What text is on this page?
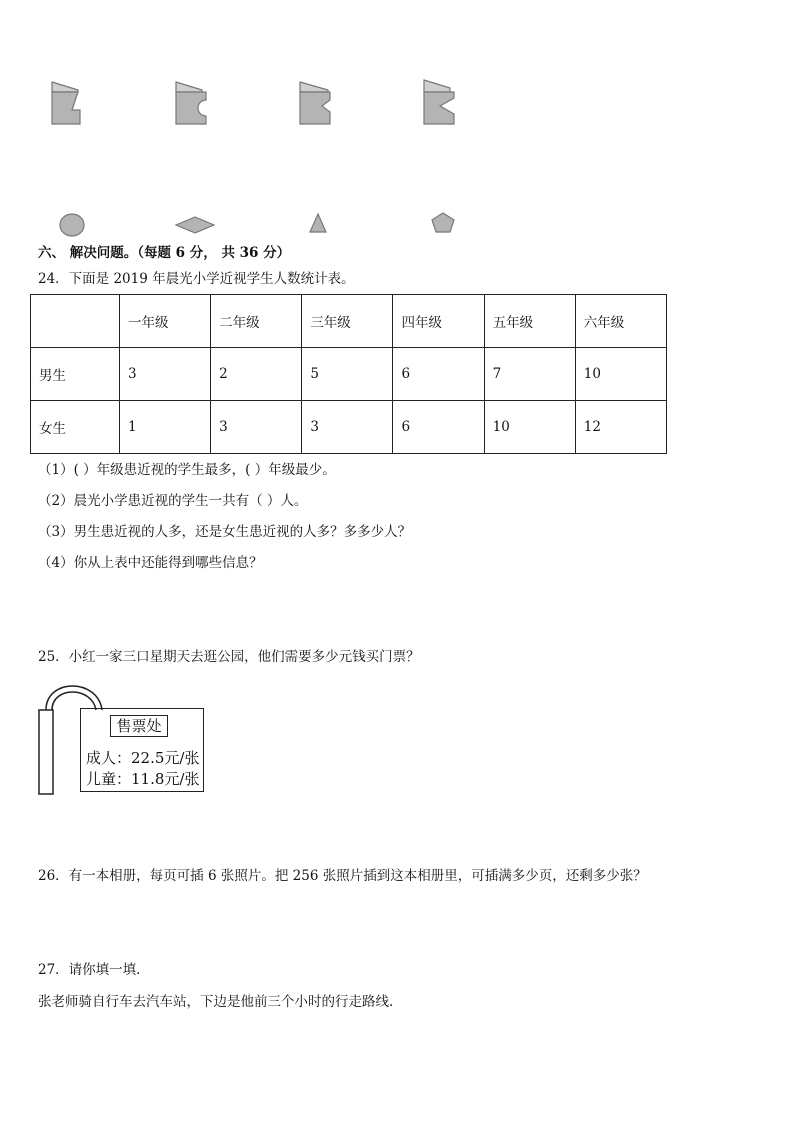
六、 解决问题。（每题 6 分， 共 36 分）
24．下面是 2019 年晨光小学近视学生人数统计表。
	一年级	二年级	三年级	四年级	五年级	六年级
男生	3	2	5	6	7	10
女生	1	3	3	6	10	12
（1）( ）年级患近视的学生最多，( ）年级最少。
（2）晨光小学患近视的学生一共有（ ）人。
（3）男生患近视的人多，还是女生患近视的人多？多多少人？
（4）你从上表中还能得到哪些信息？
25．小红一家三口星期天去逛公园，他们需要多少元钱买门票？
售票处
成人：22.5元/张
儿童：11.8元/张
26．有一本相册，每页可插 6 张照片。把 256 张照片插到这本相册里，可插满多少页，还剩多少张？
27．请你填一填．
张老师骑自行车去汽车站，下边是他前三个小时的行走路线．
